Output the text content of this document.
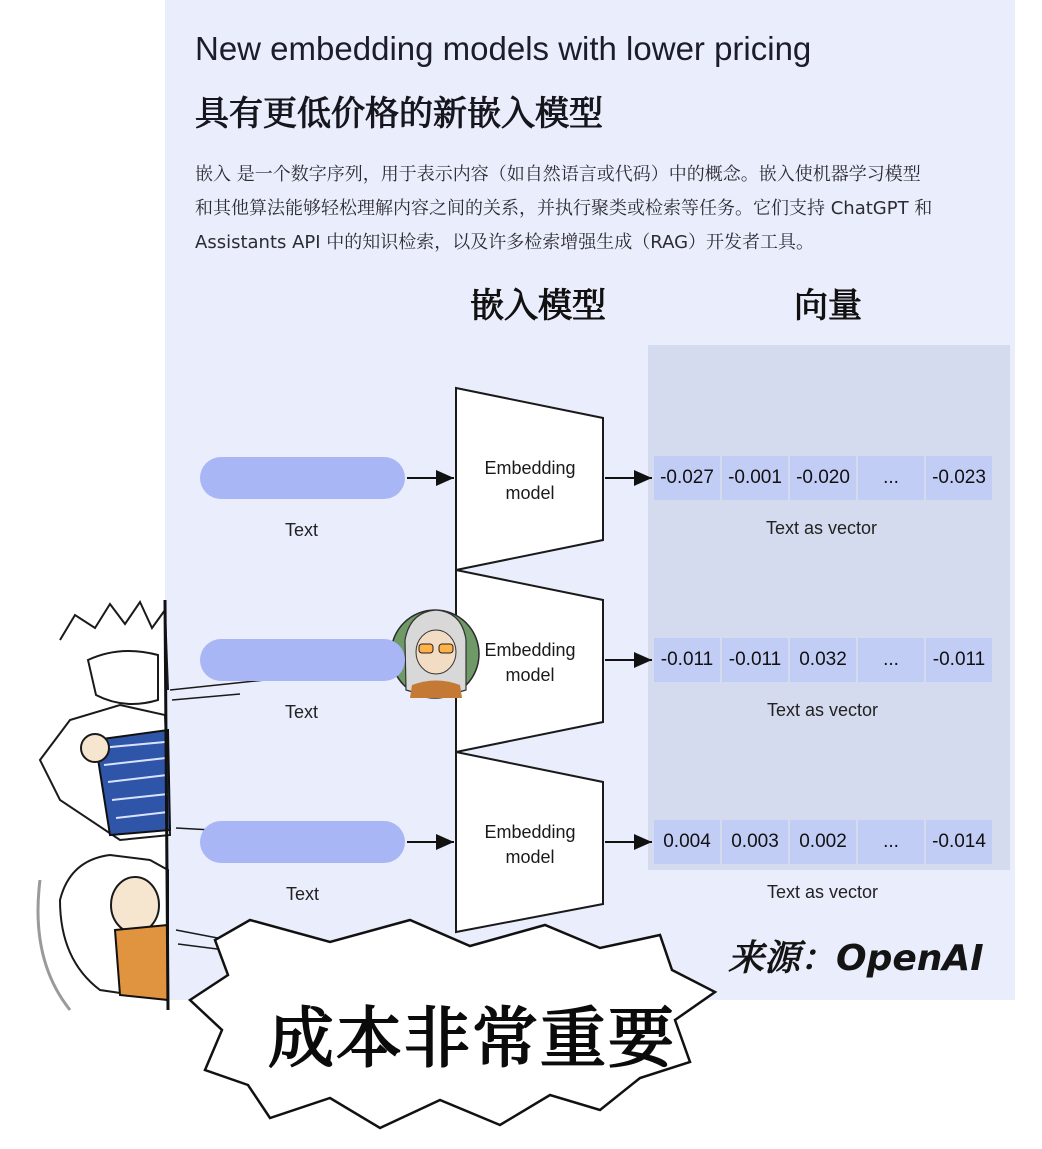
New embedding models with lower pricing
具有更低价格的新嵌入模型

嵌入 是一个数字序列，用于表示内容（如自然语言或代码）中的概念。嵌入使机器学习模型

和其他算法能够轻松理解内容之间的关系，并执行聚类或检索等任务。它们支持 ChatGPT 和

Assistants API 中的知识检索，以及许多检索增强生成（RAG）开发者工具。

嵌入模型	向量
Text
Text
Text
Embedding
model
Embedding
model
Embedding
model
-0.027 -0.001 -0.020	...	-0.023
Text as vector
-0.011 -0.011 0.032	...	-0.011
Text as vector
0.004	0.003	0.002	...	-0.014
Text as vector
来源：OpenAI
成本非常重要
